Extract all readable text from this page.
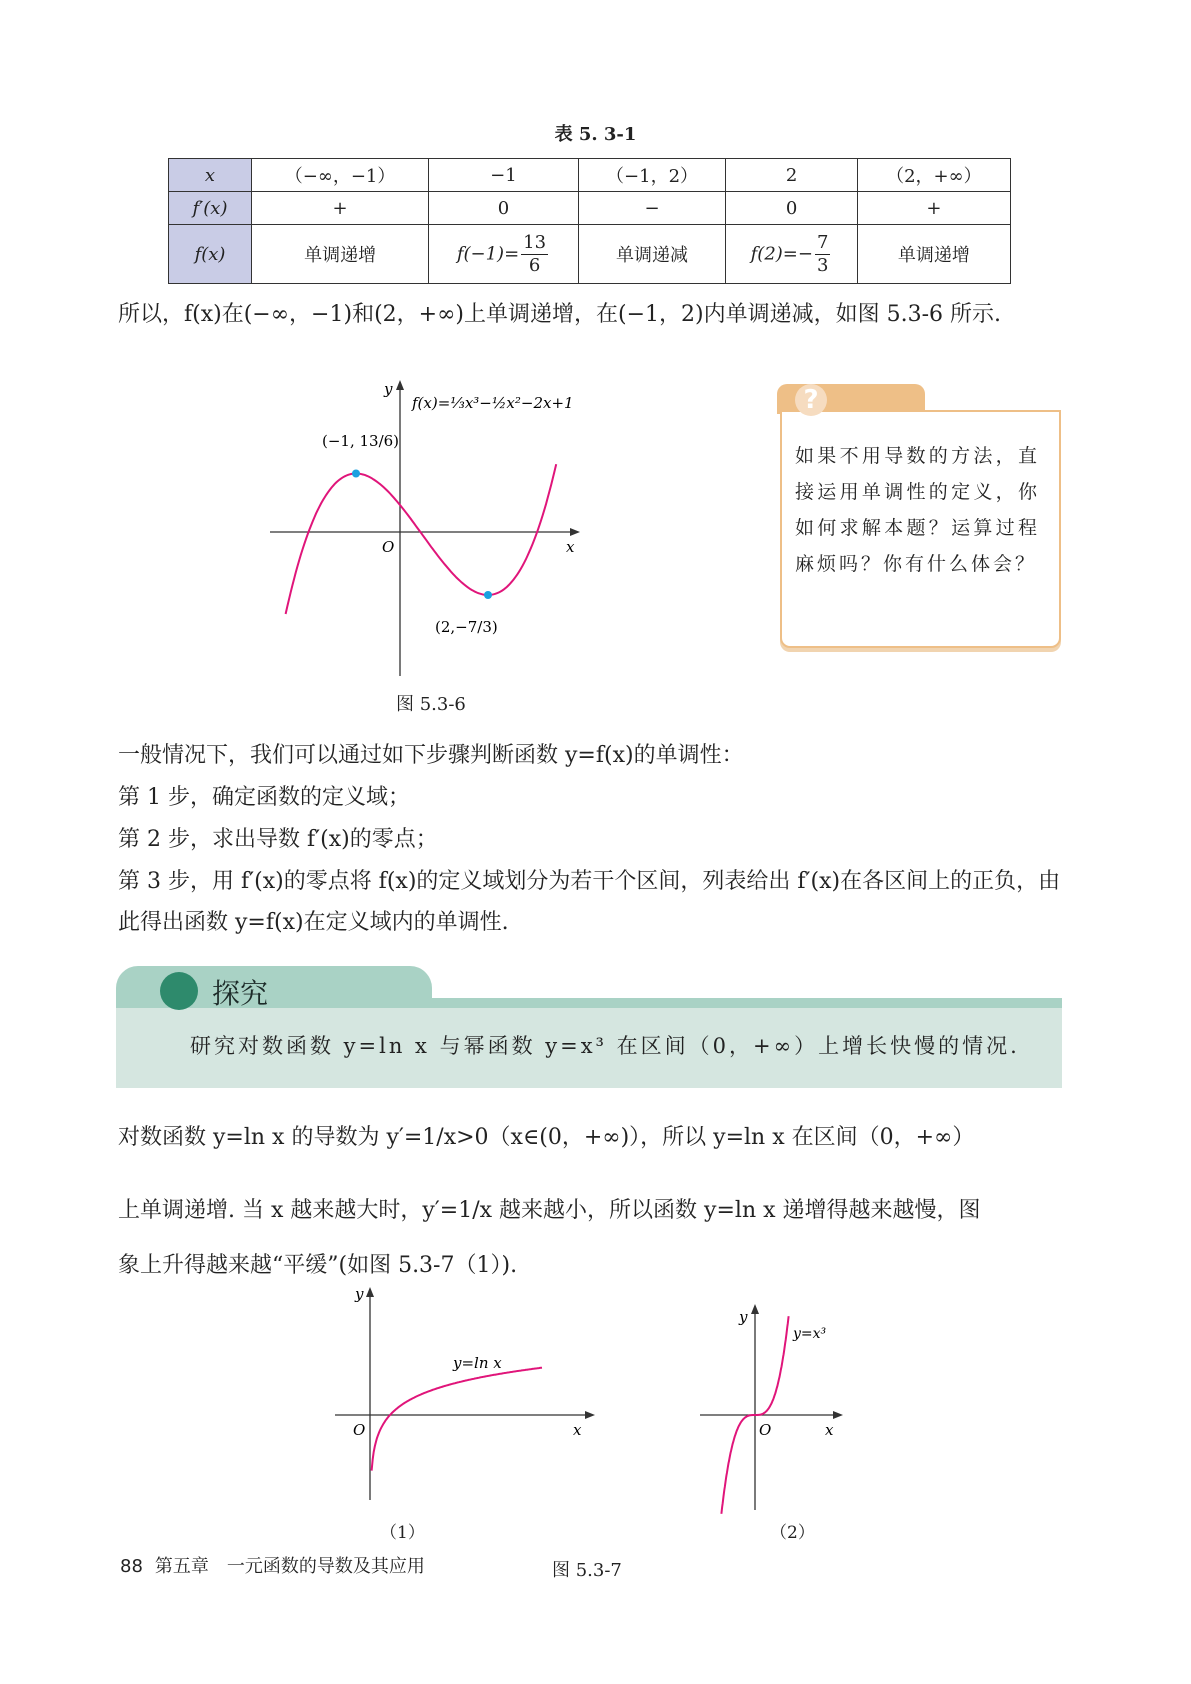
表 5. 3-1
x	（−∞，−1）	−1	（−1，2）	2	（2，+∞）
f′(x)	+	0	−	0	+
f(x)	单调递增	$f(-1)= \frac{13}{6}$	单调递减	$f(2)=- \frac{7}{3}$	单调递增
所以，f(x)在(−∞，−1)和(2，+∞)上单调递增，在(−1，2)内单调递减，如图 5.3-6 所示.
O	x
y
f(x)=⅓x³−½x²−2x+1
(−1, 13/6)
(2,−7/3)
图 5.3-6
?
如果不用导数的方法，直接运用单调性的定义，你如何求解本题？运算过程麻烦吗？你有什么体会？
一般情况下，我们可以通过如下步骤判断函数 y=f(x)的单调性：
第 1 步，确定函数的定义域；
第 2 步，求出导数 f′(x)的零点；
第 3 步，用 f′(x)的零点将 f(x)的定义域划分为若干个区间，列表给出 f′(x)在各区间上的正负，由此得出函数 y=f(x)在定义域内的单调性.
探究
研究对数函数 y=ln x 与幂函数 y=x³ 在区间（0，+∞）上增长快慢的情况.
对数函数 y=ln x 的导数为 y′=1/x>0（x∈(0，+∞)），所以 y=ln x 在区间（0，+∞）
上单调递增. 当 x 越来越大时，y′=1/x 越来越小，所以函数 y=ln x 递增得越来越慢，图
象上升得越来越“平缓”(如图 5.3-7（1）).
O	x
y
y=ln x
（1）
O	x
y
y=x³
（2）
图 5.3-7
88 第五章　一元函数的导数及其应用
